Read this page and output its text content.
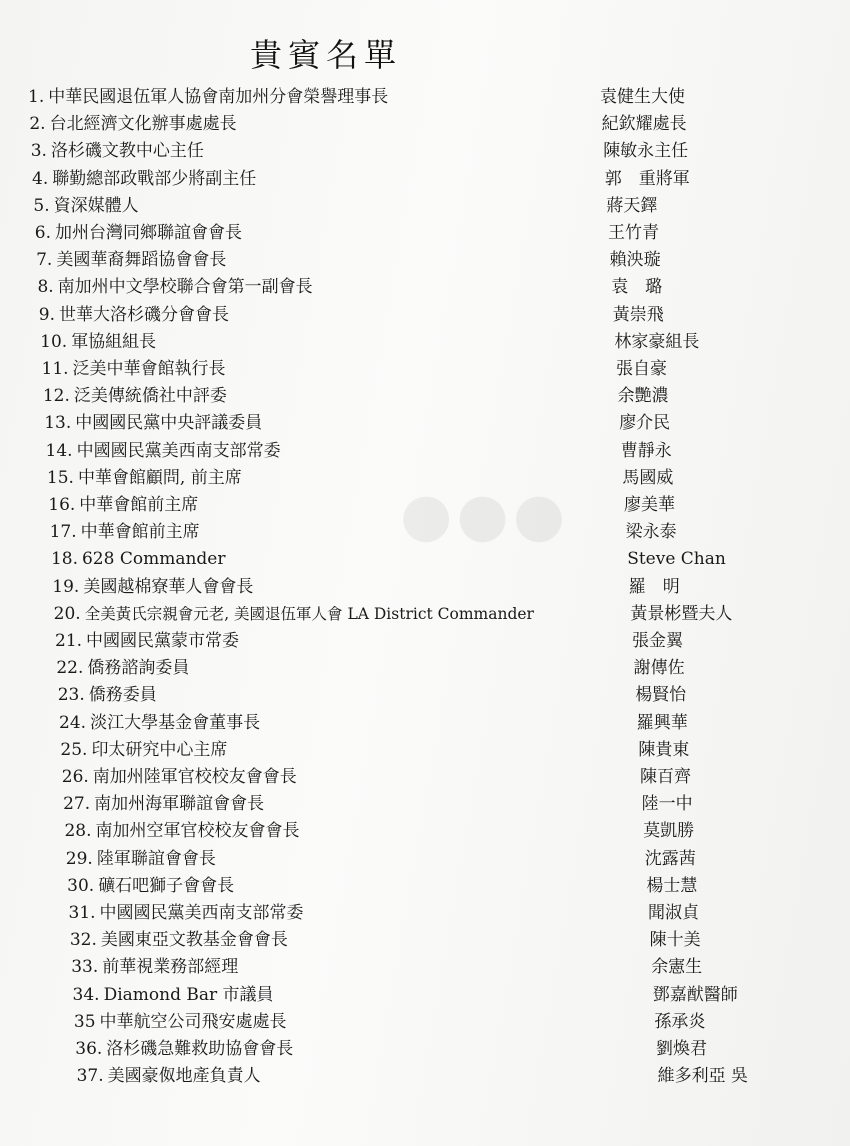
●●●
貴賓名單
1. 中華民國退伍軍人協會南加州分會榮譽理事長	袁健生大使
2. 台北經濟文化辦事處處長	紀欽耀處長
3. 洛杉磯文教中心主任	陳敏永主任
4. 聯勤總部政戰部少將副主任	郭　重將軍
5. 資深媒體人	蔣天鐸
6. 加州台灣同鄉聯誼會會長	王竹青
7. 美國華裔舞蹈協會會長	賴泱璇
8. 南加州中文學校聯合會第一副會長	袁　璐
9. 世華大洛杉磯分會會長	黃崇飛
10. 軍協組組長	林家豪組長
11. 泛美中華會館執行長	張自豪
12. 泛美傳統僑社中評委	余艷濃
13. 中國國民黨中央評議委員	廖介民
14. 中國國民黨美西南支部常委	曹靜永
15. 中華會館顧問, 前主席	馬國威
16. 中華會館前主席	廖美華
17. 中華會館前主席	梁永泰
18. 628 Commander	Steve Chan
19. 美國越棉寮華人會會長	羅　明
20. 全美黃氏宗親會元老, 美國退伍軍人會 LA District Commander	黃景彬暨夫人
21. 中國國民黨蒙市常委	張金翼
22. 僑務諮詢委員	謝傳佐
23. 僑務委員	楊賢怡
24. 淡江大學基金會董事長	羅興華
25. 印太研究中心主席	陳貴東
26. 南加州陸軍官校校友會會長	陳百齊
27. 南加州海軍聯誼會會長	陸一中
28. 南加州空軍官校校友會會長	莫凱勝
29. 陸軍聯誼會會長	沈露茜
30. 礦石吧獅子會會長	楊士慧
31. 中國國民黨美西南支部常委	聞淑貞
32. 美國東亞文教基金會會長	陳十美
33. 前華視業務部經理	余憲生
34. Diamond Bar 市議員	鄧嘉猷醫師
35 中華航空公司飛安處處長	孫承炎
36. 洛杉磯急難救助協會會長	劉煥君
37. 美國豪伮地產負責人	維多利亞 吳
